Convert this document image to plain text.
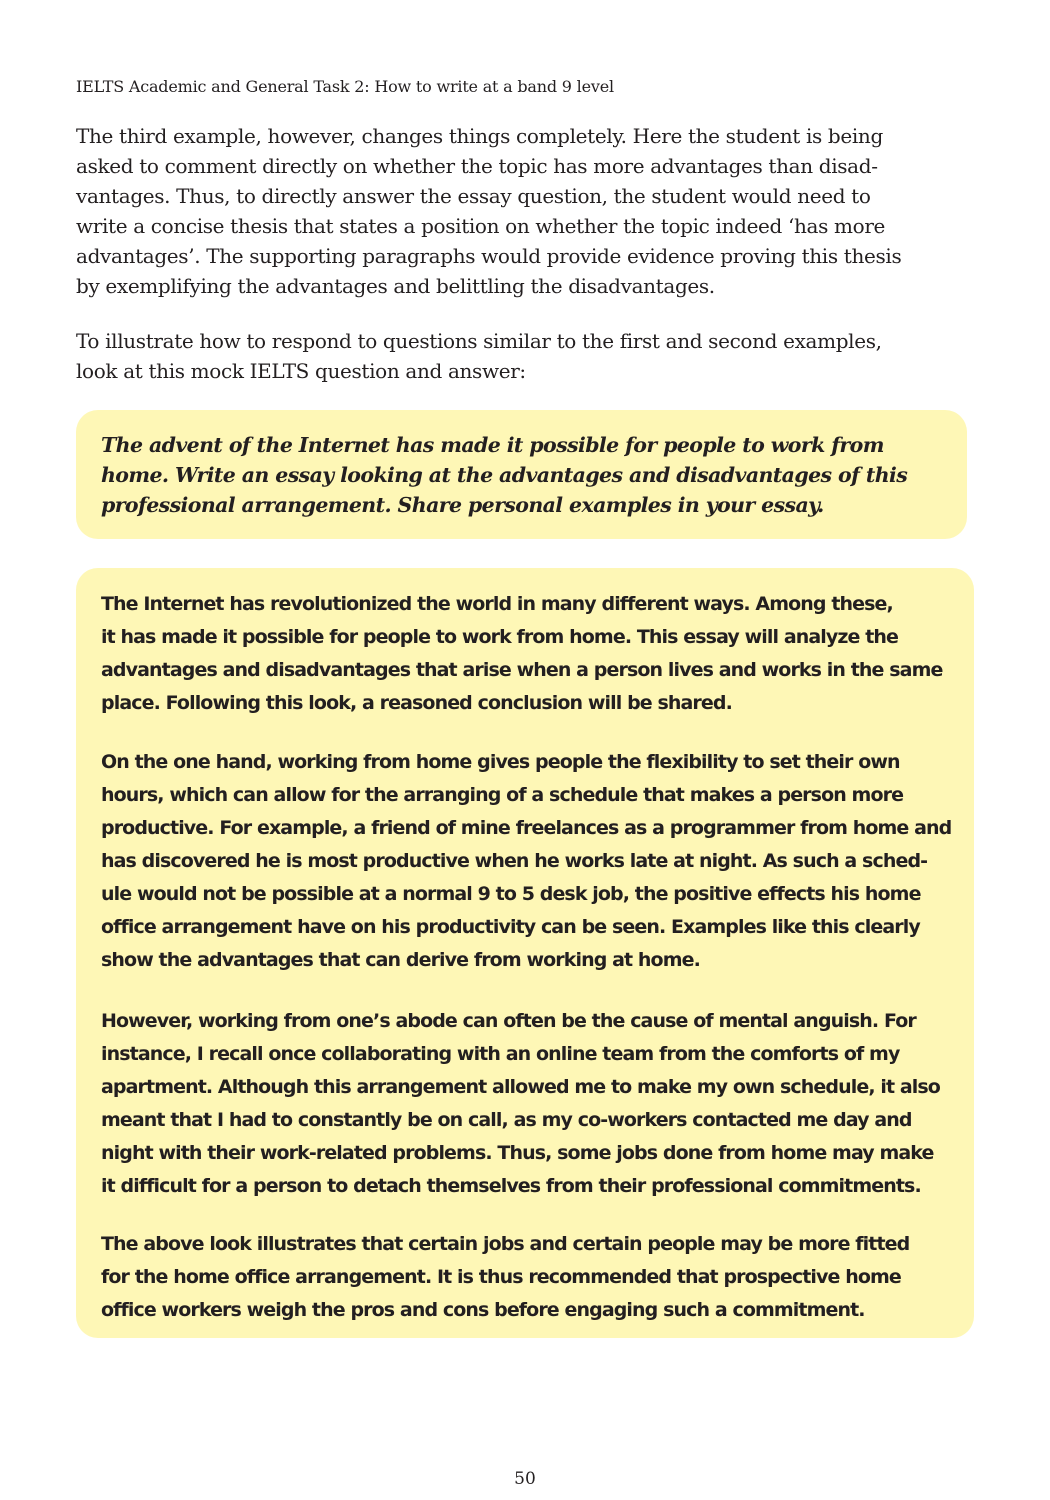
IELTS Academic and General Task 2: How to write at a band 9 level

The third example, however, changes things completely. Here the student is being
asked to comment directly on whether the topic has more advantages than disad-
vantages. Thus, to directly answer the essay question, the student would need to
write a concise thesis that states a position on whether the topic indeed ‘has more
advantages’. The supporting paragraphs would provide evidence proving this thesis
by exemplifying the advantages and belittling the disadvantages.

To illustrate how to respond to questions similar to the first and second examples,
look at this mock IELTS question and answer:

The advent of the Internet has made it possible for people to work from
home. Write an essay looking at the advantages and disadvantages of this
professional arrangement. Share personal examples in your essay.
The Internet has revolutionized the world in many different ways. Among these,
it has made it possible for people to work from home. This essay will analyze the
advantages and disadvantages that arise when a person lives and works in the same
place. Following this look, a reasoned conclusion will be shared.
On the one hand, working from home gives people the flexibility to set their own
hours, which can allow for the arranging of a schedule that makes a person more
productive. For example, a friend of mine freelances as a programmer from home and
has discovered he is most productive when he works late at night. As such a sched-
ule would not be possible at a normal 9 to 5 desk job, the positive effects his home
office arrangement have on his productivity can be seen. Examples like this clearly
show the advantages that can derive from working at home.
However, working from one’s abode can often be the cause of mental anguish. For
instance, I recall once collaborating with an online team from the comforts of my
apartment. Although this arrangement allowed me to make my own schedule, it also
meant that I had to constantly be on call, as my co-workers contacted me day and
night with their work-related problems. Thus, some jobs done from home may make
it difficult for a person to detach themselves from their professional commitments.
The above look illustrates that certain jobs and certain people may be more fitted
for the home office arrangement. It is thus recommended that prospective home
office workers weigh the pros and cons before engaging such a commitment.
50
